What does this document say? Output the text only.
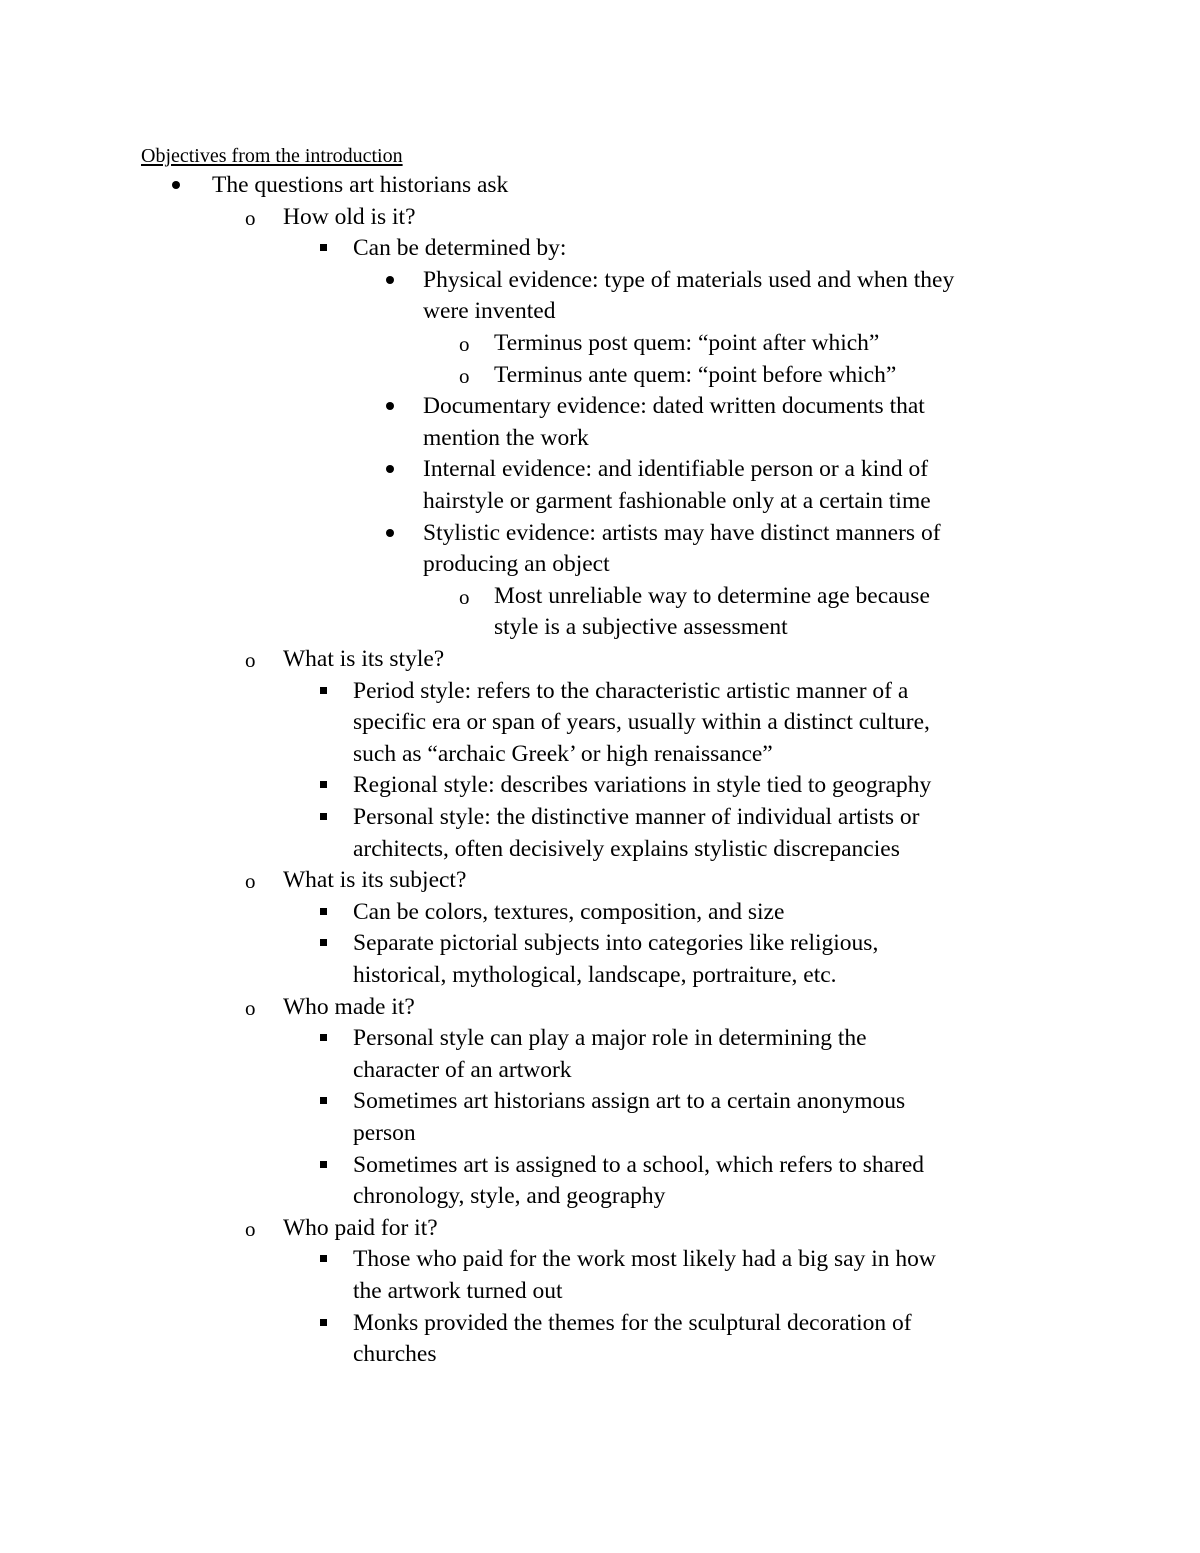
Objectives from the introduction
The questions art historians ask
o How old is it?
Can be determined by:
Physical evidence: type of materials used and when they
were invented
o Terminus post quem: “point after which”
o Terminus ante quem: “point before which”
Documentary evidence: dated written documents that
mention the work
Internal evidence: and identifiable person or a kind of
hairstyle or garment fashionable only at a certain time
Stylistic evidence: artists may have distinct manners of
producing an object
o Most unreliable way to determine age because
style is a subjective assessment
o What is its style?
Period style: refers to the characteristic artistic manner of a
specific era or span of years, usually within a distinct culture,
such as “archaic Greek’ or high renaissance”
Regional style: describes variations in style tied to geography
Personal style: the distinctive manner of individual artists or
architects, often decisively explains stylistic discrepancies
o What is its subject?
Can be colors, textures, composition, and size
Separate pictorial subjects into categories like religious,
historical, mythological, landscape, portraiture, etc.
o Who made it?
Personal style can play a major role in determining the
character of an artwork
Sometimes art historians assign art to a certain anonymous
person
Sometimes art is assigned to a school, which refers to shared
chronology, style, and geography
o Who paid for it?
Those who paid for the work most likely had a big say in how
the artwork turned out
Monks provided the themes for the sculptural decoration of
churches
